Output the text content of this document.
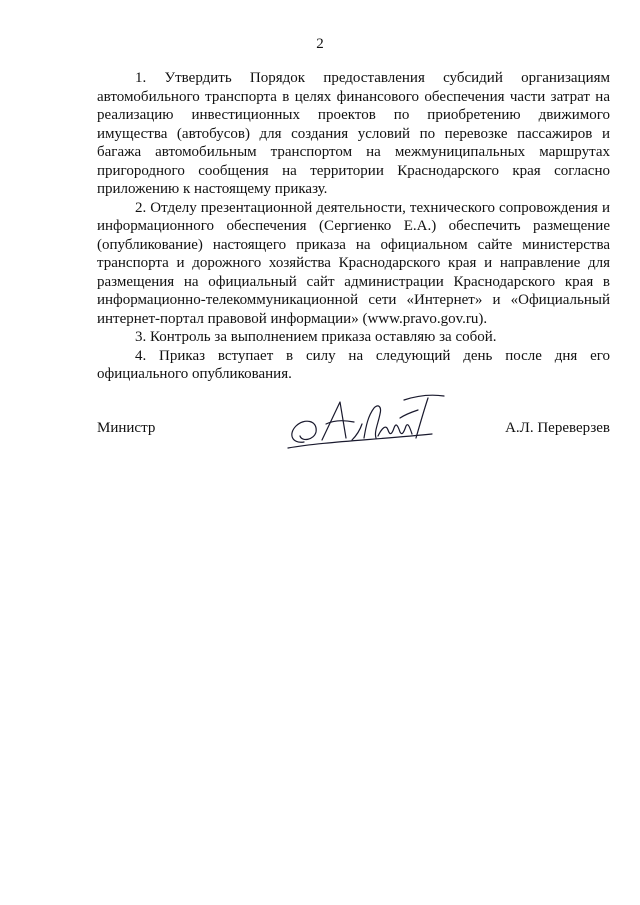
2

1. Утвердить Порядок предоставления субсидий организациям автомобильного транспорта в целях финансового обеспечения части затрат на реализацию инвестиционных проектов по приобретению движимого имущества (автобусов) для создания условий по перевозке пассажиров и багажа автомобильным транспортом на межмуниципальных маршрутах пригородного сообщения на территории Краснодарского края согласно приложению к настоящему приказу.

2. Отделу презентационной деятельности, технического сопровождения и информационного обеспечения (Сергиенко Е.А.) обеспечить размещение (опубликование) настоящего приказа на официальном сайте министерства транспорта и дорожного хозяйства Краснодарского края и направление для размещения на официальный сайт администрации Краснодарского края в информационно-телекоммуникационной сети «Интернет» и «Официальный интернет-портал правовой информации» (www.pravo.gov.ru).

3. Контроль за выполнением приказа оставляю за собой.

4. Приказ вступает в силу на следующий день после дня его официального опубликования.

Министр	А.Л. Переверзев
